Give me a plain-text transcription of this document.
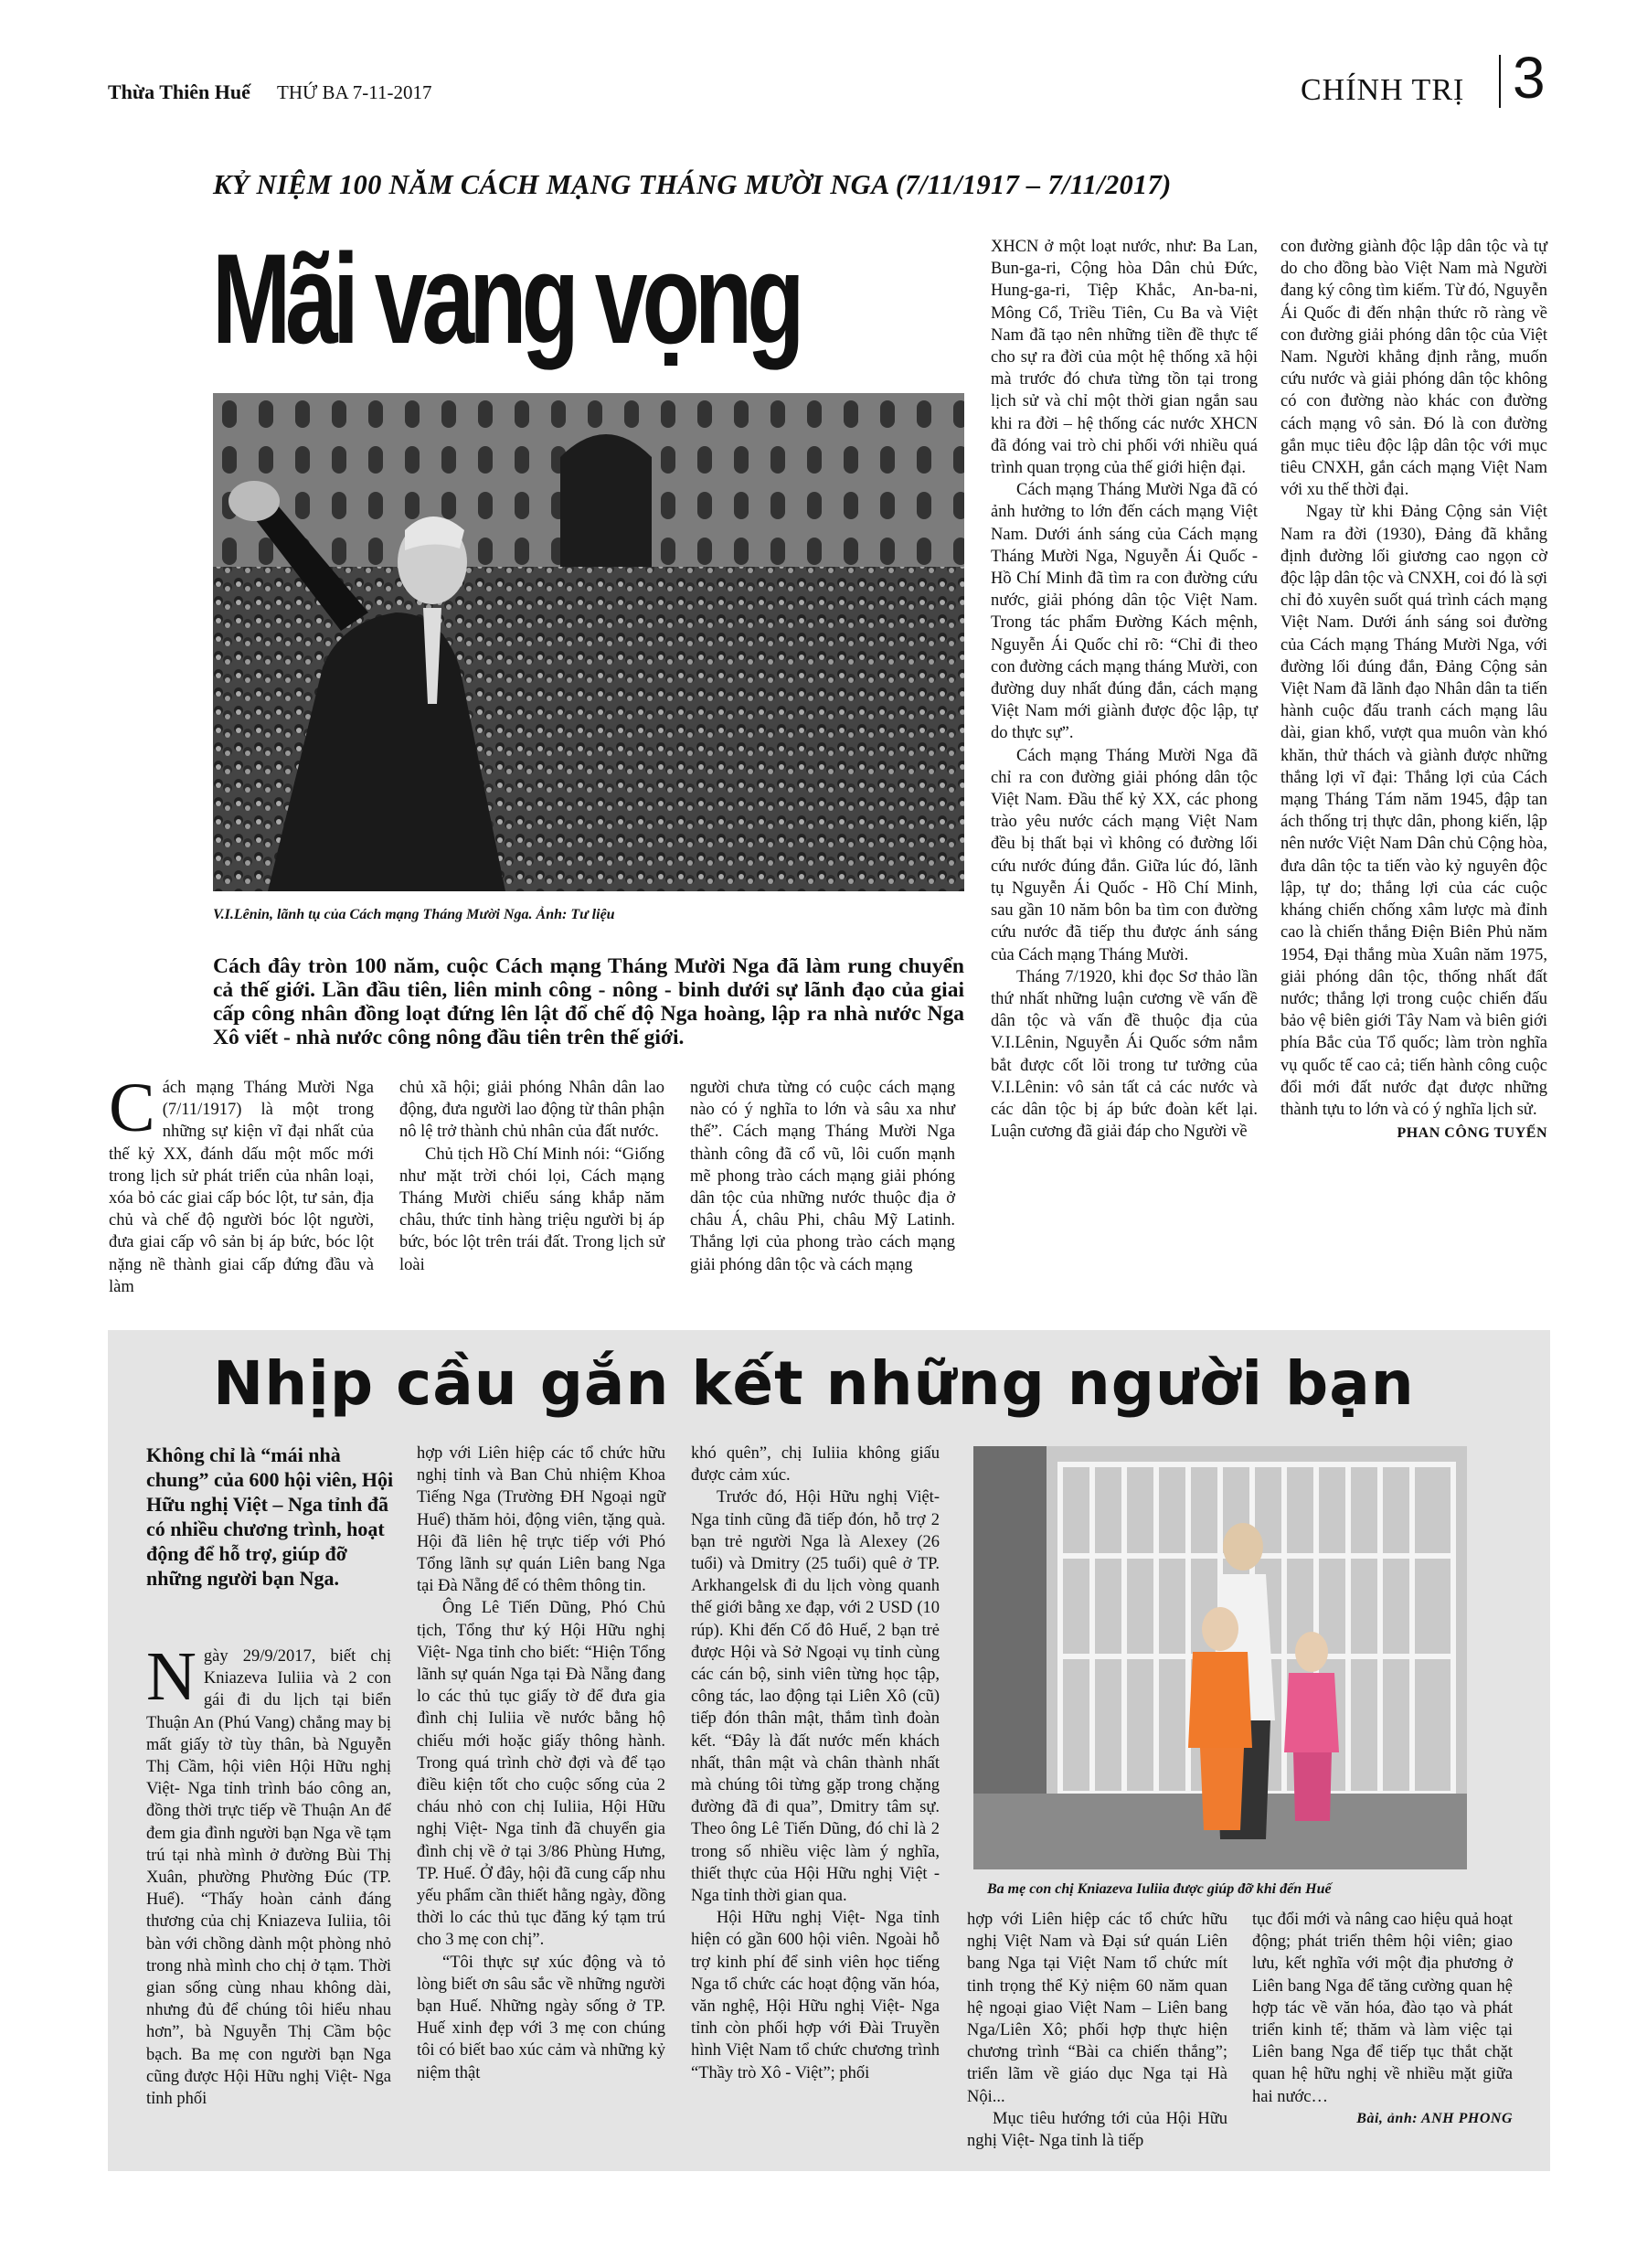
Thừa Thiên Huế THỨ BA 7-11-2017	CHÍNH TRỊ 3
KỶ NIỆM 100 NĂM CÁCH MẠNG THÁNG MƯỜI NGA (7/11/1917 – 7/11/2017)
Mãi vang vọng
V.I.Lênin, lãnh tụ của Cách mạng Tháng Mười Nga. Ảnh: Tư liệu
Cách đây tròn 100 năm, cuộc Cách mạng Tháng Mười Nga đã làm rung chuyển cả thế giới. Lần đầu tiên, liên minh công - nông - binh dưới sự lãnh đạo của giai cấp công nhân đồng loạt đứng lên lật đổ chế độ Nga hoàng, lập ra nhà nước Nga Xô viết - nhà nước công nông đầu tiên trên thế giới.
Cách mạng Tháng Mười Nga (7/11/1917) là một trong những sự kiện vĩ đại nhất của thế kỷ XX, đánh dấu một mốc mới trong lịch sử phát triển của nhân loại, xóa bỏ các giai cấp bóc lột, tư sản, địa chủ và chế độ người bóc lột người, đưa giai cấp vô sản bị áp bức, bóc lột nặng nề thành giai cấp đứng đầu và làm

chủ xã hội; giải phóng Nhân dân lao động, đưa người lao động từ thân phận nô lệ trở thành chủ nhân của đất nước.

Chủ tịch Hồ Chí Minh nói: “Giống như mặt trời chói lọi, Cách mạng Tháng Mười chiếu sáng khắp năm châu, thức tỉnh hàng triệu người bị áp bức, bóc lột trên trái đất. Trong lịch sử loài

người chưa từng có cuộc cách mạng nào có ý nghĩa to lớn và sâu xa như thế”. Cách mạng Tháng Mười Nga thành công đã cổ vũ, lôi cuốn mạnh mẽ phong trào cách mạng giải phóng dân tộc của những nước thuộc địa ở châu Á, châu Phi, châu Mỹ Latinh. Thắng lợi của phong trào cách mạng giải phóng dân tộc và cách mạng

XHCN ở một loạt nước, như: Ba Lan, Bun-ga-ri, Cộng hòa Dân chủ Đức, Hung-ga-ri, Tiệp Khắc, An-ba-ni, Mông Cổ, Triều Tiên, Cu Ba và Việt Nam đã tạo nên những tiền đề thực tế cho sự ra đời của một hệ thống xã hội mà trước đó chưa từng tồn tại trong lịch sử và chỉ một thời gian ngắn sau khi ra đời – hệ thống các nước XHCN đã đóng vai trò chi phối với nhiều quá trình quan trọng của thế giới hiện đại.

Cách mạng Tháng Mười Nga đã có ảnh hưởng to lớn đến cách mạng Việt Nam. Dưới ánh sáng của Cách mạng Tháng Mười Nga, Nguyễn Ái Quốc - Hồ Chí Minh đã tìm ra con đường cứu nước, giải phóng dân tộc Việt Nam. Trong tác phẩm Đường Kách mệnh, Nguyễn Ái Quốc chỉ rõ: “Chỉ đi theo con đường cách mạng tháng Mười, con đường duy nhất đúng đắn, cách mạng Việt Nam mới giành được độc lập, tự do thực sự”.

Cách mạng Tháng Mười Nga đã chỉ ra con đường giải phóng dân tộc Việt Nam. Đầu thế kỷ XX, các phong trào yêu nước cách mạng Việt Nam đều bị thất bại vì không có đường lối cứu nước đúng đắn. Giữa lúc đó, lãnh tụ Nguyễn Ái Quốc - Hồ Chí Minh, sau gần 10 năm bôn ba tìm con đường cứu nước đã tiếp thu được ánh sáng của Cách mạng Tháng Mười.

Tháng 7/1920, khi đọc Sơ thảo lần thứ nhất những luận cương về vấn đề dân tộc và vấn đề thuộc địa của V.I.Lênin, Nguyễn Ái Quốc sớm nắm bắt được cốt lõi trong tư tưởng của V.I.Lênin: vô sản tất cả các nước và các dân tộc bị áp bức đoàn kết lại. Luận cương đã giải đáp cho Người về

con đường giành độc lập dân tộc và tự do cho đồng bào Việt Nam mà Người đang ký công tìm kiếm. Từ đó, Nguyễn Ái Quốc đi đến nhận thức rõ ràng về con đường giải phóng dân tộc của Việt Nam. Người khẳng định rằng, muốn cứu nước và giải phóng dân tộc không có con đường nào khác con đường cách mạng vô sản. Đó là con đường gắn mục tiêu độc lập dân tộc với mục tiêu CNXH, gắn cách mạng Việt Nam với xu thế thời đại.

Ngay từ khi Đảng Cộng sản Việt Nam ra đời (1930), Đảng đã khẳng định đường lối giương cao ngọn cờ độc lập dân tộc và CNXH, coi đó là sợi chỉ đỏ xuyên suốt quá trình cách mạng Việt Nam. Dưới ánh sáng soi đường của Cách mạng Tháng Mười Nga, với đường lối đúng đắn, Đảng Cộng sản Việt Nam đã lãnh đạo Nhân dân ta tiến hành cuộc đấu tranh cách mạng lâu dài, gian khổ, vượt qua muôn vàn khó khăn, thử thách và giành được những thắng lợi vĩ đại: Thắng lợi của Cách mạng Tháng Tám năm 1945, đập tan ách thống trị thực dân, phong kiến, lập nên nước Việt Nam Dân chủ Cộng hòa, đưa dân tộc ta tiến vào kỷ nguyên độc lập, tự do; thắng lợi của các cuộc kháng chiến chống xâm lược mà đỉnh cao là chiến thắng Điện Biên Phủ năm 1954, Đại thắng mùa Xuân năm 1975, giải phóng dân tộc, thống nhất đất nước; thắng lợi trong cuộc chiến đấu bảo vệ biên giới Tây Nam và biên giới phía Bắc của Tổ quốc; làm tròn nghĩa vụ quốc tế cao cả; tiến hành công cuộc đổi mới đất nước đạt được những thành tựu to lớn và có ý nghĩa lịch sử.

PHAN CÔNG TUYẾN
Nhịp cầu gắn kết những người bạn
Không chỉ là “mái nhà chung” của 600 hội viên, Hội Hữu nghị Việt – Nga tỉnh đã có nhiều chương trình, hoạt động để hỗ trợ, giúp đỡ những người bạn Nga.
Ngày 29/9/2017, biết chị Kniazeva Iuliia và 2 con gái đi du lịch tại biển Thuận An (Phú Vang) chẳng may bị mất giấy tờ tùy thân, bà Nguyễn Thị Cầm, hội viên Hội Hữu nghị Việt- Nga tỉnh trình báo công an, đồng thời trực tiếp về Thuận An để đem gia đình người bạn Nga về tạm trú tại nhà mình ở đường Bùi Thị Xuân, phường Phường Đúc (TP. Huế). “Thấy hoàn cảnh đáng thương của chị Kniazeva Iuliia, tôi bàn với chồng dành một phòng nhỏ trong nhà mình cho chị ở tạm. Thời gian sống cùng nhau không dài, nhưng đủ để chúng tôi hiểu nhau hơn”, bà Nguyễn Thị Cầm bộc bạch. Ba mẹ con người bạn Nga cũng được Hội Hữu nghị Việt- Nga tỉnh phối

hợp với Liên hiệp các tổ chức hữu nghị tỉnh và Ban Chủ nhiệm Khoa Tiếng Nga (Trường ĐH Ngoại ngữ Huế) thăm hỏi, động viên, tặng quà. Hội đã liên hệ trực tiếp với Phó Tổng lãnh sự quán Liên bang Nga tại Đà Nẵng để có thêm thông tin.

Ông Lê Tiến Dũng, Phó Chủ tịch, Tổng thư ký Hội Hữu nghị Việt- Nga tỉnh cho biết: “Hiện Tổng lãnh sự quán Nga tại Đà Nẵng đang lo các thủ tục giấy tờ để đưa gia đình chị Iuliia về nước bằng hộ chiếu mới hoặc giấy thông hành. Trong quá trình chờ đợi và để tạo điều kiện tốt cho cuộc sống của 2 cháu nhỏ con chị Iuliia, Hội Hữu nghị Việt- Nga tỉnh đã chuyển gia đình chị về ở tại 3/86 Phùng Hưng, TP. Huế. Ở đây, hội đã cung cấp nhu yếu phẩm cần thiết hằng ngày, đồng thời lo các thủ tục đăng ký tạm trú cho 3 mẹ con chị”.

“Tôi thực sự xúc động và tỏ lòng biết ơn sâu sắc về những người bạn Huế. Những ngày sống ở TP. Huế xinh đẹp với 3 mẹ con chúng tôi có biết bao xúc cảm và những kỷ niệm thật

khó quên”, chị Iuliia không giấu được cảm xúc.

Trước đó, Hội Hữu nghị Việt- Nga tỉnh cũng đã tiếp đón, hỗ trợ 2 bạn trẻ người Nga là Alexey (26 tuổi) và Dmitry (25 tuổi) quê ở TP. Arkhangelsk đi du lịch vòng quanh thế giới bằng xe đạp, với 2 USD (10 rúp). Khi đến Cố đô Huế, 2 bạn trẻ được Hội và Sở Ngoại vụ tỉnh cùng các cán bộ, sinh viên từng học tập, công tác, lao động tại Liên Xô (cũ) tiếp đón thân mật, thắm tình đoàn kết. “Đây là đất nước mến khách nhất, thân mật và chân thành nhất mà chúng tôi từng gặp trong chặng đường đã đi qua”, Dmitry tâm sự. Theo ông Lê Tiến Dũng, đó chỉ là 2 trong số nhiều việc làm ý nghĩa, thiết thực của Hội Hữu nghị Việt - Nga tỉnh thời gian qua.

Hội Hữu nghị Việt- Nga tỉnh hiện có gần 600 hội viên. Ngoài hỗ trợ kinh phí để sinh viên học tiếng Nga tổ chức các hoạt động văn hóa, văn nghệ, Hội Hữu nghị Việt- Nga tỉnh còn phối hợp với Đài Truyền hình Việt Nam tổ chức chương trình “Thầy trò Xô - Việt”; phối

Ba mẹ con chị Kniazeva Iuliia được giúp đỡ khi đến Huế

hợp với Liên hiệp các tổ chức hữu nghị Việt Nam và Đại sứ quán Liên bang Nga tại Việt Nam tổ chức mít tinh trọng thể Kỷ niệm 60 năm quan hệ ngoại giao Việt Nam – Liên bang Nga/Liên Xô; phối hợp thực hiện chương trình “Bài ca chiến thắng”; triển lãm về giáo dục Nga tại Hà Nội...

Mục tiêu hướng tới của Hội Hữu nghị Việt- Nga tỉnh là tiếp

tục đổi mới và nâng cao hiệu quả hoạt động; phát triển thêm hội viên; giao lưu, kết nghĩa với một địa phương ở Liên bang Nga để tăng cường quan hệ hợp tác về văn hóa, đào tạo và phát triển kinh tế; thăm và làm việc tại Liên bang Nga để tiếp tục thắt chặt quan hệ hữu nghị về nhiều mặt giữa hai nước…

Bài, ảnh: ANH PHONG
